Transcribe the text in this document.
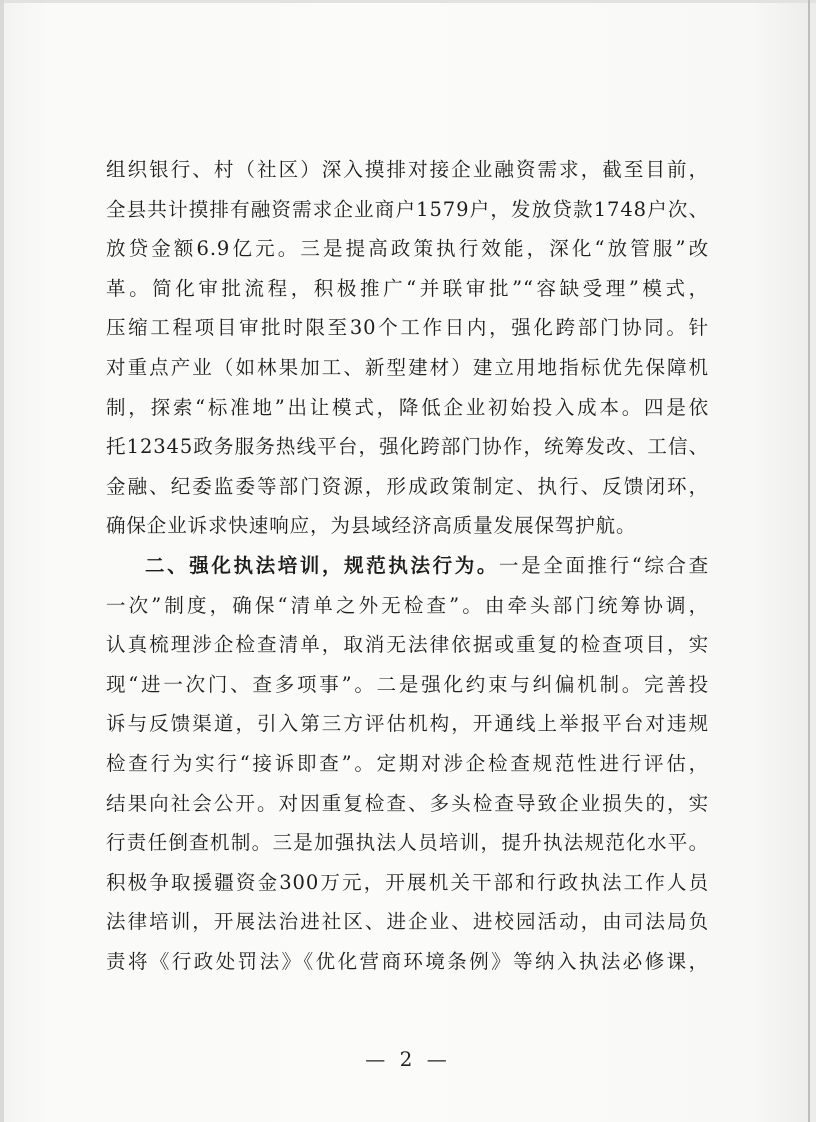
组织银行、村（社区）深入摸排对接企业融资需求，截至目前，
全县共计摸排有融资需求企业商户1579户，发放贷款1748户次、
放贷金额6.9亿元。三是提高政策执行效能，深化“放管服”改
革。简化审批流程，积极推广“并联审批”“容缺受理”模式，
压缩工程项目审批时限至30个工作日内，强化跨部门协同。针
对重点产业（如林果加工、新型建材）建立用地指标优先保障机
制，探索“标准地”出让模式，降低企业初始投入成本。四是依
托12345政务服务热线平台，强化跨部门协作，统筹发改、工信、
金融、纪委监委等部门资源，形成政策制定、执行、反馈闭环，
确保企业诉求快速响应，为县域经济高质量发展保驾护航。
二、强化执法培训，规范执法行为。一是全面推行“综合查
一次”制度，确保“清单之外无检查”。由牵头部门统筹协调，
认真梳理涉企检查清单，取消无法律依据或重复的检查项目，实
现“进一次门、查多项事”。二是强化约束与纠偏机制。完善投
诉与反馈渠道，引入第三方评估机构，开通线上举报平台对违规
检查行为实行“接诉即查”。定期对涉企检查规范性进行评估，
结果向社会公开。对因重复检查、多头检查导致企业损失的，实
行责任倒查机制。三是加强执法人员培训，提升执法规范化水平。
积极争取援疆资金300万元，开展机关干部和行政执法工作人员
法律培训，开展法治进社区、进企业、进校园活动，由司法局负
责将《行政处罚法》《优化营商环境条例》等纳入执法必修课，
— 2 —
